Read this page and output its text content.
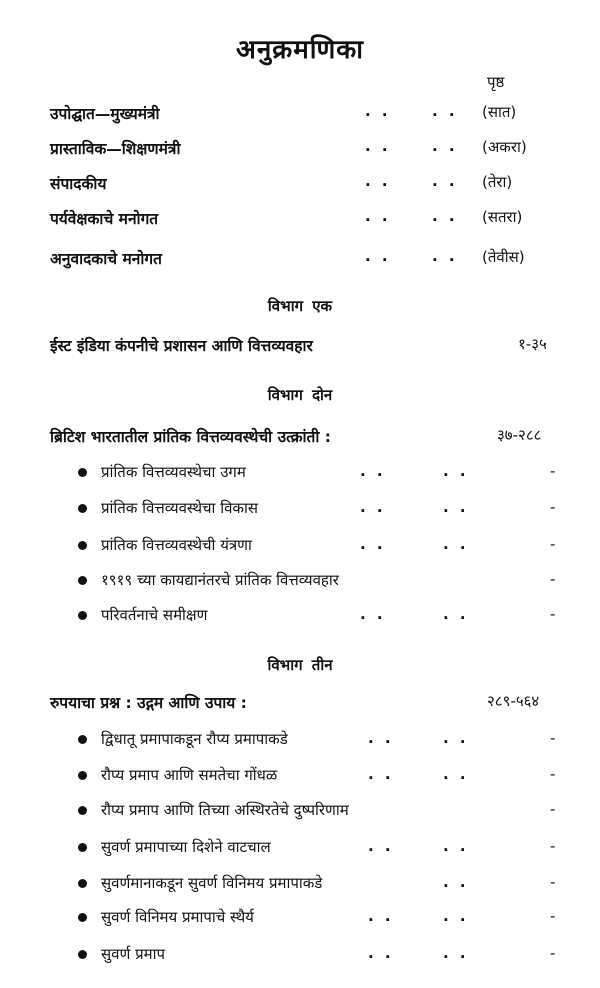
अनुक्रमणिका
पृष्ठ
उपोद्घात—मुख्यमंत्री	. .	. . (सात)
प्रास्ताविक—शिक्षणमंत्री	. .	. . (अकरा)
संपादकीय	. .	. . (तेरा)
पर्यवेक्षकाचे मनोगत	. .	. . (सतरा)
अनुवादकाचे मनोगत	. .	. . (तेवीस)
विभाग एक
ईस्ट इंडिया कंपनीचे प्रशासन आणि वित्तव्यवहार	१-३५
विभाग दोन
ब्रिटिश भारतातील प्रांतिक वित्तव्यवस्थेची उत्क्रांती :	३७-२८८
प्रांतिक वित्तव्यवस्थेचा उगम	. .	. .	-
प्रांतिक वित्तव्यवस्थेचा विकास	. .	. .	-
प्रांतिक वित्तव्यवस्थेची यंत्रणा	. .	. .	-
१९१९ च्या कायद्यानंतरचे प्रांतिक वित्तव्यवहार	-
परिवर्तनाचे समीक्षण	. .	. .	-
विभाग तीन
रुपयाचा प्रश्न : उद्गम आणि उपाय :	२८९-५६४
द्विधातू प्रमापाकडून रौप्य प्रमापाकडे	. .	. .	-
रौप्य प्रमाप आणि समतेचा गोंधळ	. .	. .	-
रौप्य प्रमाप आणि तिच्या अस्थिरतेचे दुष्परिणाम	-
सुवर्ण प्रमापाच्या दिशेने वाटचाल	. .	. .	-
सुवर्णमानाकडून सुवर्ण विनिमय प्रमापाकडे	. .	-
सुवर्ण विनिमय प्रमापाचे स्थैर्य	. .	. .	-
सुवर्ण प्रमाप	. .	. .	-
